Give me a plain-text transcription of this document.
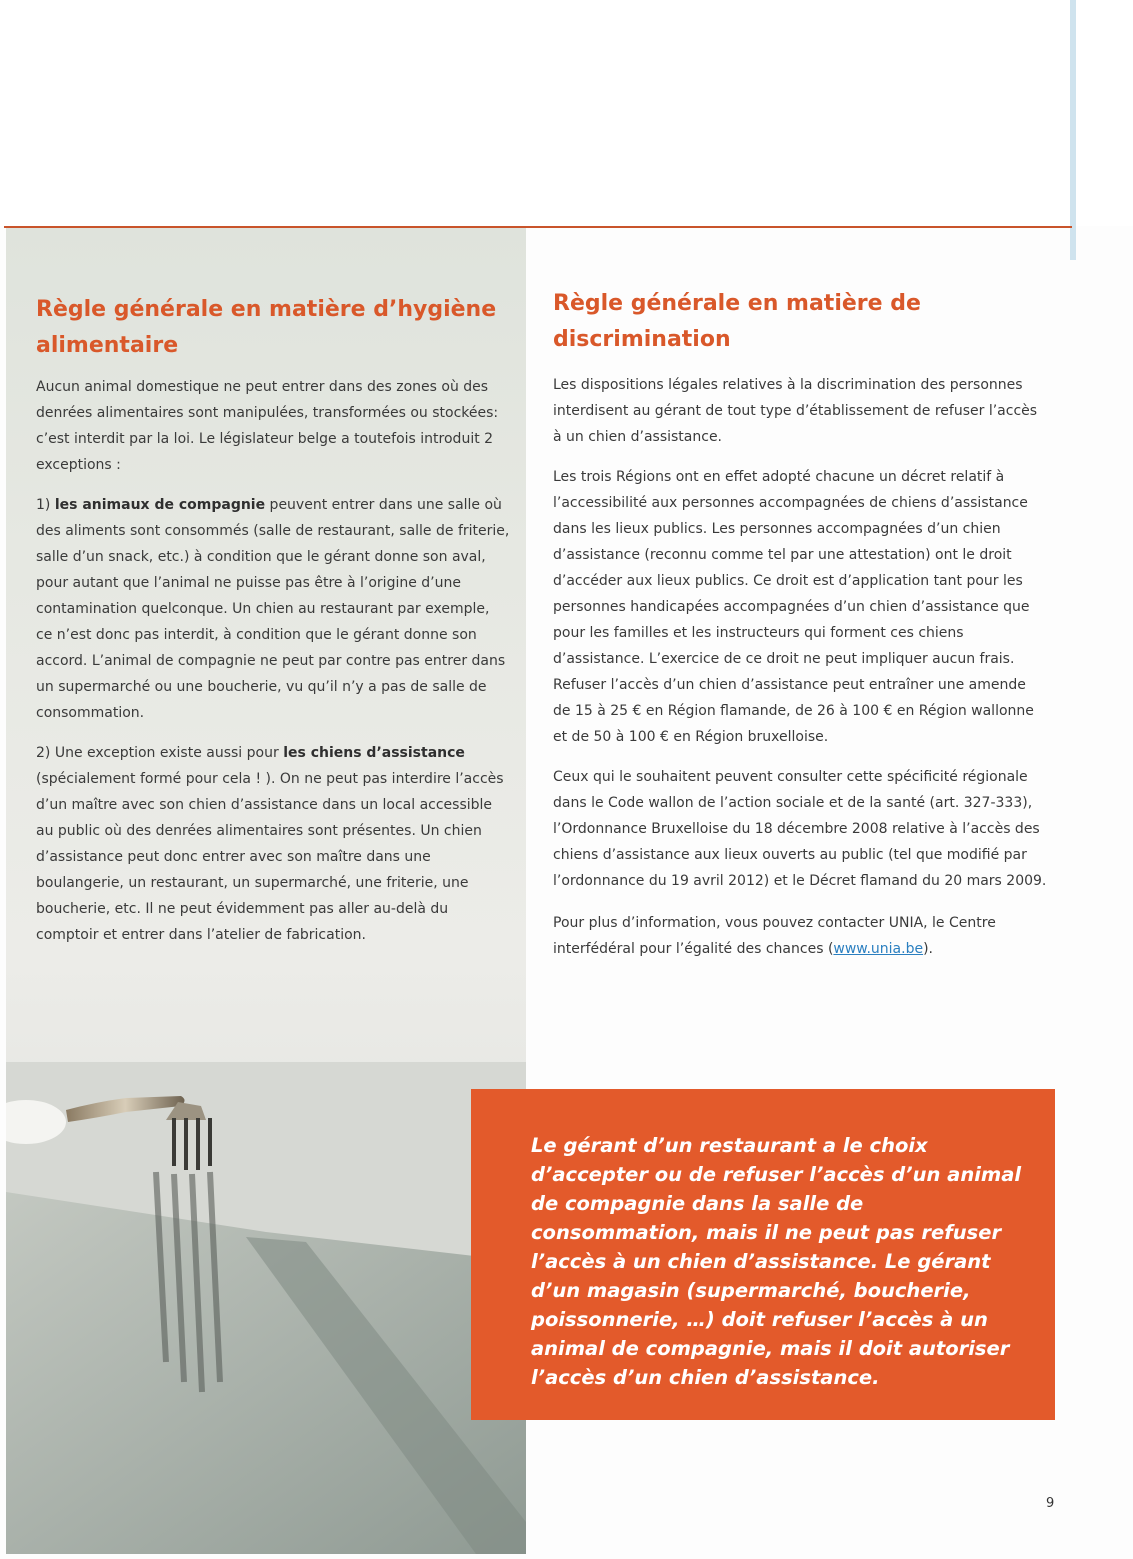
Règle générale en matière d’hygiène alimentaire

Aucun animal domestique ne peut entrer dans des zones où des denrées alimentaires sont manipulées, transformées ou stockées: c’est interdit par la loi. Le législateur belge a toutefois introduit 2 exceptions :

1) les animaux de compagnie peuvent entrer dans une salle où des aliments sont consommés (salle de restaurant, salle de friterie, salle d’un snack, etc.) à condition que le gérant donne son aval, pour autant que l’animal ne puisse pas être à l’origine d’une contamination quelconque. Un chien au restaurant par exemple, ce n’est donc pas interdit, à condition que le gérant donne son accord. L’animal de compagnie ne peut par contre pas entrer dans un supermarché ou une boucherie, vu qu’il n’y a pas de salle de consommation.

2) Une exception existe aussi pour les chiens d’assistance (spécialement formé pour cela ! ). On ne peut pas interdire l’accès d’un maître avec son chien d’assistance dans un local accessible au public où des denrées alimentaires sont présentes. Un chien d’assistance peut donc entrer avec son maître dans une boulangerie, un restaurant, un supermarché, une friterie, une boucherie, etc. Il ne peut évidemment pas aller au-delà du comptoir et entrer dans l’atelier de fabrication.

Règle générale en matière de discrimination

Les dispositions légales relatives à la discrimination des personnes interdisent au gérant de tout type d’établissement de refuser l’accès à un chien d’assistance.

Les trois Régions ont en effet adopté chacune un décret relatif à l’accessibilité aux personnes accompagnées de chiens d’assistance dans les lieux publics. Les personnes accompagnées d’un chien d’assistance (reconnu comme tel par une attestation) ont le droit d’accéder aux lieux publics. Ce droit est d’application tant pour les personnes handicapées accompagnées d’un chien d’assistance que pour les familles et les instructeurs qui forment ces chiens d’assistance. L’exercice de ce droit ne peut impliquer aucun frais. Refuser l’accès d’un chien d’assistance peut entraîner une amende de 15 à 25 € en Région flamande, de 26 à 100 € en Région wallonne et de 50 à 100 € en Région bruxelloise.

Ceux qui le souhaitent peuvent consulter cette spécificité régionale dans le Code wallon de l’action sociale et de la santé (art. 327-333), l’Ordonnance Bruxelloise du 18 décembre 2008 relative à l’accès des chiens d’assistance aux lieux ouverts au public (tel que modifié par l’ordonnance du 19 avril 2012) et le Décret flamand du 20 mars 2009.

Pour plus d’information, vous pouvez contacter UNIA, le Centre interfédéral pour l’égalité des chances (www.unia.be).

Le gérant d’un restaurant a le choix d’accepter ou de refuser l’accès d’un animal de compagnie dans la salle de consommation, mais il ne peut pas refuser l’accès à un chien d’assistance. Le gérant d’un magasin (supermarché, boucherie, poissonnerie, …) doit refuser l’accès à un animal de compagnie, mais il doit autoriser l’accès d’un chien d’assistance.

9
